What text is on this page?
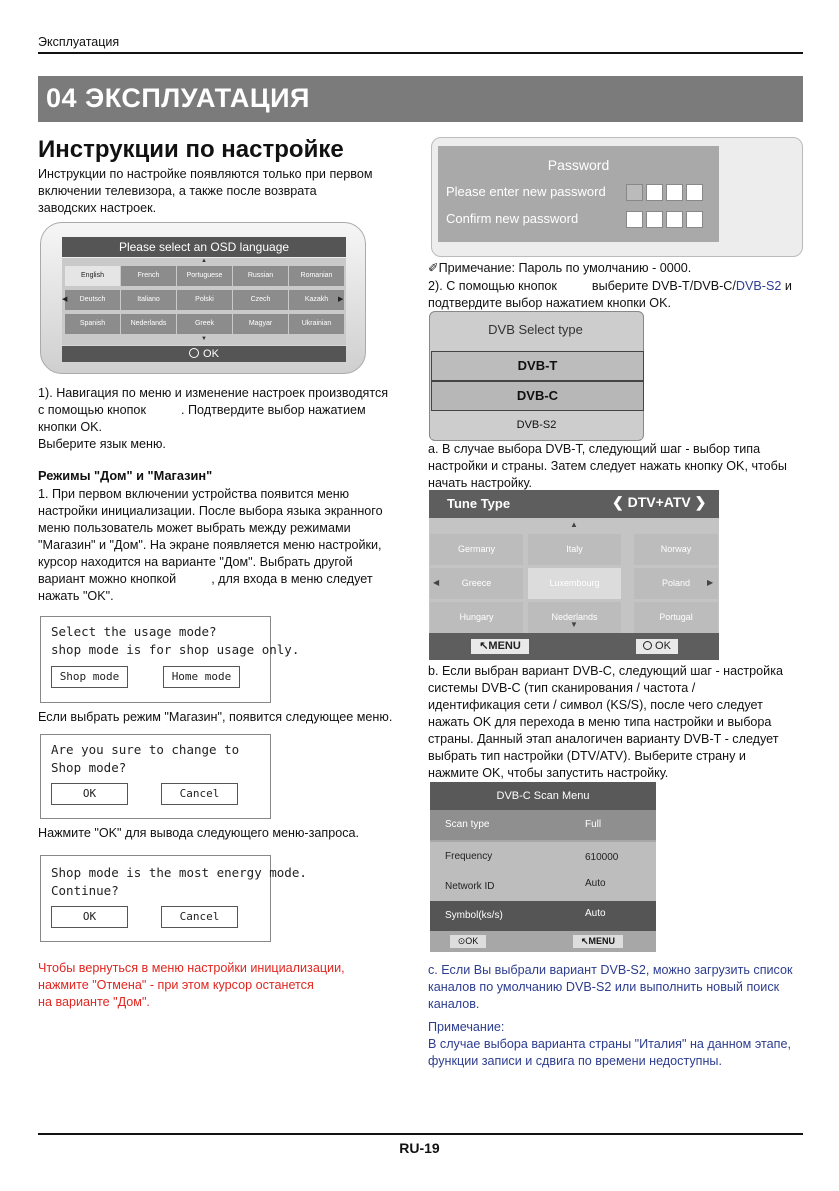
Эксплуатация
04 ЭКСПЛУАТАЦИЯ
Инструкции по настройке

Инструкции по настройке появляются только при первом

включении телевизора, а также после возврата

заводских настроек.

Please select an OSD language
▲
English	French	Portuguese	Russian	Romanian
Deutsch	Italiano	Polski	Czech	Kazakh
◀	▶
Spanish	Nederlands	Greek	Magyar	Ukrainian
▼
OK

1). Навигация по меню и изменение настроек производятся

с помощью кнопок          . Подтвердите выбор нажатием

кнопки OK.

Выберите язык меню.

Режимы "Дом" и "Магазин"

1. При первом включении устройства появится меню

настройки инициализации. После выбора языка экранного

меню пользователь может выбрать между режимами

"Магазин" и "Дом". На экране появляется меню настройки,

курсор находится на варианте "Дом". Выбрать другой

вариант можно кнопкой          , для входа в меню следует

нажать "OK".

Select the usage mode?
shop mode is for shop usage only.
Shop mode	Home mode
Если выбрать режим "Магазин", появится следующее меню.
Are you sure to change to
Shop mode?
OK	Cancel
Нажмите "OK" для вывода следующего меню-запроса.
Shop mode is the most energy mode.
Continue?
OK	Cancel

Чтобы вернуться в меню настройки инициализации,

нажмите "Отмена" - при этом курсор останется

на варианте "Дом".

Password
Please enter new password
Confirm new password
✐Примечание: Пароль по умолчанию - 0000.
2). С помощью кнопок          выберите DVB-T/DVB-C/DVB-S2 и
подтвердите выбор нажатием кнопки OK.
DVB Select type
DVB-T
DVB-C
DVB-S2

a. В случае выбора DVB-T, следующий шаг - выбор типа

настройки и страны. Затем следует нажать кнопку OK, чтобы

начать настройку.

Tune Type	❮ DTV+ATV ❯
▲
Germany	Italy	Norway
Greece	Luxembourg	Poland
◀	▶
Hungary	Nederlands	Portugal
▼
↖MENU	OK

b. Если выбран вариант DVB-C, следующий шаг - настройка

системы DVB-C (тип сканирования / частота /

идентификация сети / символ (KS/S), после чего следует

нажать OK для перехода в меню типа настройки и выбора

страны. Данный этап аналогичен варианту DVB-T - следует

выбрать тип настройки (DTV/ATV). Выберите страну и

нажмите OK, чтобы запустить настройку.

DVB-C Scan Menu
Scan type	Full
Frequency	610000
Network ID	Auto
Symbol(ks/s)	Auto
⊙OK	↖MENU

c. Если Вы выбрали вариант DVB-S2, можно загрузить список

каналов по умолчанию DVB-S2 или выполнить новый поиск

каналов.

Примечание:

В случае выбора варианта страны "Италия" на данном этапе,

функции записи и сдвига по времени недоступны.

RU-19
